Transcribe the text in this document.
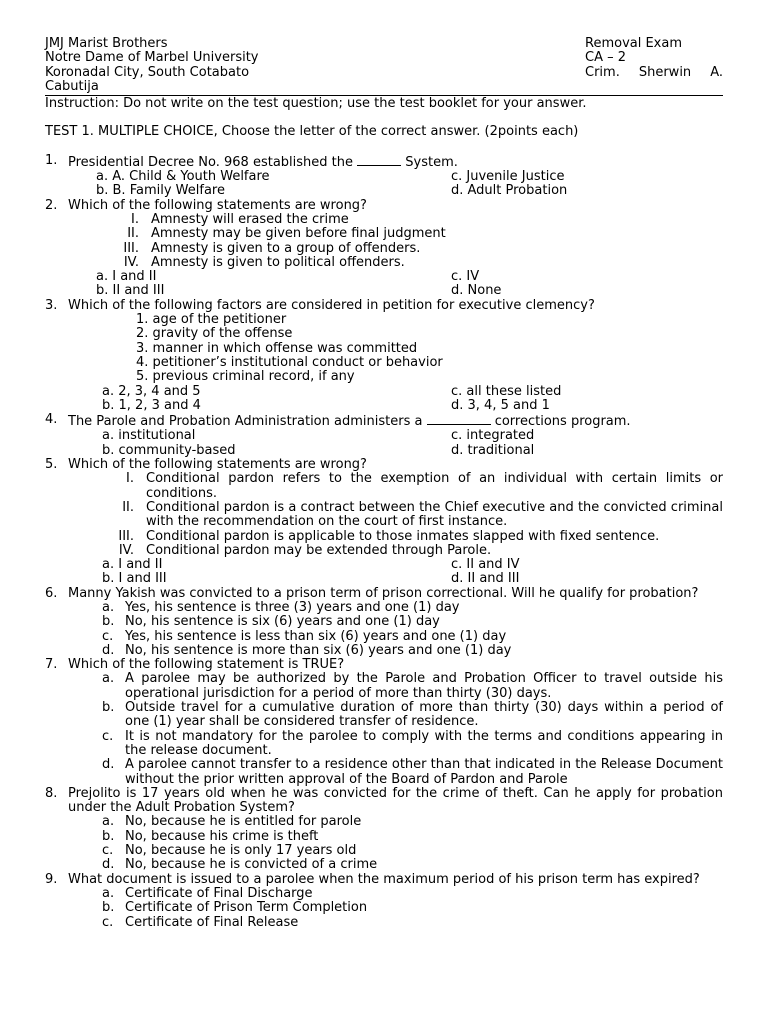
JMJ Marist Brothers
Notre Dame of Marbel University
Koronadal City, South Cotabato
Removal Exam
CA – 2
Crim. Sherwin A.
Cabutija
Instruction: Do not write on the test question; use the test booklet for your answer.
TEST 1. MULTIPLE CHOICE, Choose the letter of the correct answer. (2points each)
1. Presidential Decree No. 968 established the	System.
a. A. Child & Youth Welfare	c. Juvenile Justice
b. B. Family Welfare	d. Adult Probation
2. Which of the following statements are wrong?
I. Amnesty will erased the crime
II. Amnesty may be given before final judgment
III. Amnesty is given to a group of offenders.
IV. Amnesty is given to political offenders.
a. I and II	c. IV
b. II and III	d. None
3. Which of the following factors are considered in petition for executive clemency?
1. age of the petitioner
2. gravity of the offense
3. manner in which offense was committed
4. petitioner’s institutional conduct or behavior
5. previous criminal record, if any
a. 2, 3, 4 and 5	c. all these listed
b. 1, 2, 3 and 4	d. 3, 4, 5 and 1
4. The Parole and Probation Administration administers a	corrections program.
a. institutional	c. integrated
b. community-based	d. traditional
5. Which of the following statements are wrong?
I. Conditional pardon refers to the exemption of an individual with certain limits or conditions.
II. Conditional pardon is a contract between the Chief executive and the convicted criminal with the recommendation on the court of first instance.
III. Conditional pardon is applicable to those inmates slapped with fixed sentence.
IV. Conditional pardon may be extended through Parole.
a. I and II	c. II and IV
b. I and III	d. II and III
6. Manny Yakish was convicted to a prison term of prison correctional. Will he qualify for probation?
a. Yes, his sentence is three (3) years and one (1) day
b. No, his sentence is six (6) years and one (1) day
c. Yes, his sentence is less than six (6) years and one (1) day
d. No, his sentence is more than six (6) years and one (1) day
7. Which of the following statement is TRUE?
a. A parolee may be authorized by the Parole and Probation Officer to travel outside his operational jurisdiction for a period of more than thirty (30) days.
b. Outside travel for a cumulative duration of more than thirty (30) days within a period of one (1) year shall be considered transfer of residence.
c. It is not mandatory for the parolee to comply with the terms and conditions appearing in the release document.
d. A parolee cannot transfer to a residence other than that indicated in the Release Document without the prior written approval of the Board of Pardon and Parole
8. Prejolito is 17 years old when he was convicted for the crime of theft. Can he apply for probation under the Adult Probation System?
a. No, because he is entitled for parole
b. No, because his crime is theft
c. No, because he is only 17 years old
d. No, because he is convicted of a crime
9. What document is issued to a parolee when the maximum period of his prison term has expired?
a. Certificate of Final Discharge
b. Certificate of Prison Term Completion
c. Certificate of Final Release
